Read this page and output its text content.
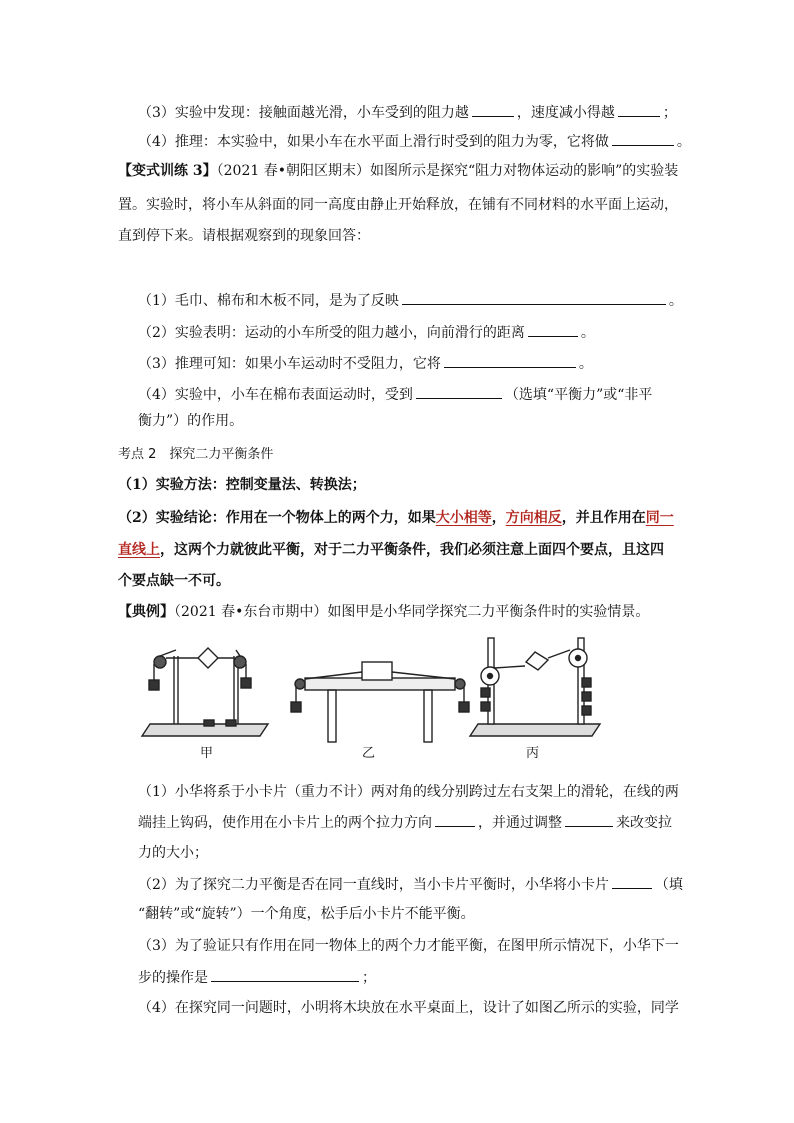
（3）实验中发现：接触面越光滑，小车受到的阻力越	，速度减小得越	；
（4）推理：本实验中，如果小车在水平面上滑行时受到的阻力为零，它将做	。
【变式训练 3】（2021 春•朝阳区期末）如图所示是探究“阻力对物体运动的影响”的实验装
置。实验时，将小车从斜面的同一高度由静止开始释放，在铺有不同材料的水平面上运动，
直到停下来。请根据观察到的现象回答：
（1）毛巾、棉布和木板不同，是为了反映	。
（2）实验表明：运动的小车所受的阻力越小，向前滑行的距离	。
（3）推理可知：如果小车运动时不受阻力，它将	。
（4）实验中，小车在棉布表面运动时，受到	（选填“平衡力”或“非平
衡力”）的作用。
考点 2　探究二力平衡条件
（1）实验方法：控制变量法、转换法；
（2）实验结论：作用在一个物体上的两个力，如果大小相等，方向相反，并且作用在同一
直线上，这两个力就彼此平衡，对于二力平衡条件，我们必须注意上面四个要点，且这四
个要点缺一不可。
【典例】（2021 春•东台市期中）如图甲是小华同学探究二力平衡条件时的实验情景。
甲	乙	丙
（1）小华将系于小卡片（重力不计）两对角的线分别跨过左右支架上的滑轮，在线的两
端挂上钩码，使作用在小卡片上的两个拉力方向	，并通过调整	来改变拉
力的大小；
（2）为了探究二力平衡是否在同一直线时，当小卡片平衡时，小华将小卡片	（填
“翻转”或“旋转”）一个角度，松手后小卡片不能平衡。
（3）为了验证只有作用在同一物体上的两个力才能平衡，在图甲所示情况下，小华下一
步的操作是	；
（4）在探究同一问题时，小明将木块放在水平桌面上，设计了如图乙所示的实验，同学
